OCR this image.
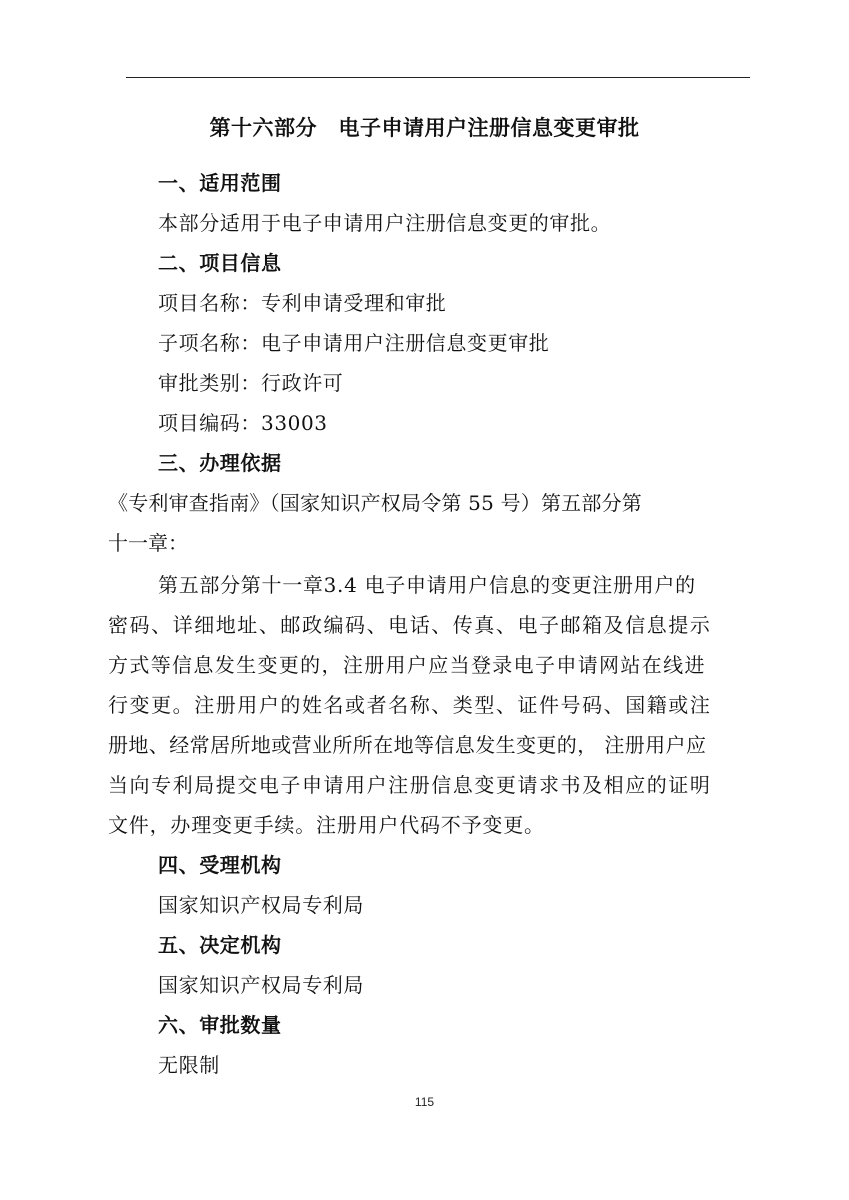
第十六部分　电子申请用户注册信息变更审批
一、适用范围
本部分适用于电子申请用户注册信息变更的审批。
二、项目信息
项目名称：专利申请受理和审批
子项名称：电子申请用户注册信息变更审批
审批类别：行政许可
项目编码：33003
三、办理依据
《专利审查指南》（国家知识产权局令第 55 号）第五部分第
十一章：
第五部分第十一章3.4 电子申请用户信息的变更注册用户的
密码、详细地址、邮政编码、电话、传真、电子邮箱及信息提示
方式等信息发生变更的，注册用户应当登录电子申请网站在线进
行变更。注册用户的姓名或者名称、类型、证件号码、国籍或注
册地、经常居所地或营业所所在地等信息发生变更的， 注册用户应
当向专利局提交电子申请用户注册信息变更请求书及相应的证明
文件，办理变更手续。注册用户代码不予变更。
四、受理机构
国家知识产权局专利局
五、决定机构
国家知识产权局专利局
六、审批数量
无限制
115
